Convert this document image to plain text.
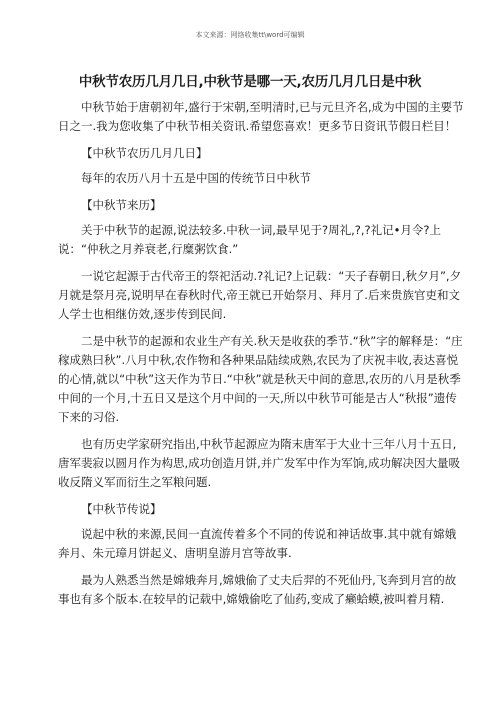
本文来源：网络收集tt\word可编辑
中秋节农历几月几日,中秋节是哪一天,农历几月几日是中秋

中秋节始于唐朝初年,盛行于宋朝,至明清时,已与元旦齐名,成为中国的主要节日之一.我为您收集了中秋节相关资讯.希望您喜欢！更多节日资讯节假日栏目！

【中秋节农历几月几日】

每年的农历八月十五是中国的传统节日中秋节

【中秋节来历】

关于中秋节的起源,说法较多.中秋一词,最早见于?周礼,?,?礼记•月令?上说：“仲秋之月养衰老,行糜粥饮食.”

一说它起源于古代帝王的祭祀活动.?礼记?上记载：“天子春朝日,秋夕月”,夕月就是祭月亮,说明早在春秋时代,帝王就已开始祭月、拜月了.后来贵族官吏和文人学士也相继仿效,逐步传到民间.

二是中秋节的起源和农业生产有关.秋天是收获的季节.“秋”字的解释是：“庄稼成熟曰秋”.八月中秋,农作物和各种果品陆续成熟,农民为了庆祝丰收,表达喜悦的心情,就以“中秋”这天作为节日.“中秋”就是秋天中间的意思,农历的八月是秋季中间的一个月,十五日又是这个月中间的一天,所以中秋节可能是古人“秋报”遗传下来的习俗.

也有历史学家研究指出,中秋节起源应为隋末唐军于大业十三年八月十五日,唐军裴寂以圆月作为构思,成功创造月饼,并广发军中作为军饷,成功解决因大量吸收反隋义军而衍生之军粮问题.

【中秋节传说】

说起中秋的来源,民间一直流传着多个不同的传说和神话故事.其中就有嫦娥奔月、朱元璋月饼起义、唐明皇游月宫等故事.

最为人熟悉当然是嫦娥奔月,嫦娥偷了丈夫后羿的不死仙丹,飞奔到月宫的故事也有多个版本.在较早的记载中,嫦娥偷吃了仙药,变成了癞蛤蟆,被叫着月精.
